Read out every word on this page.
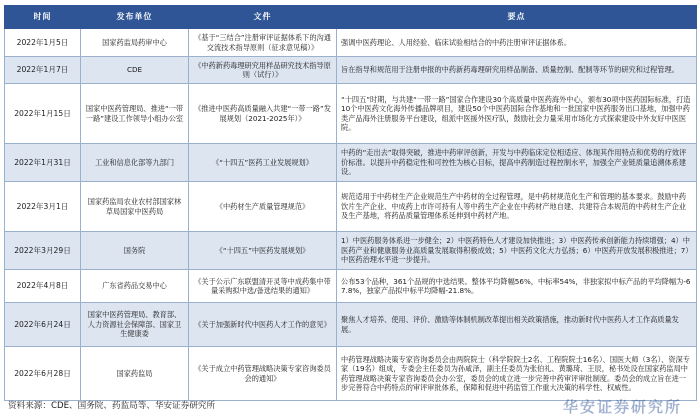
时间	发布单位	文件	要点
2022年1月5日	国家药监局药审中心	《基于“三结合”注册审评证据体系下的沟通交流技术指导原则（征求意见稿）》	强调中医药理论、人用经验、临床试验相结合的中药注册审评证据体系。
2022年1月7日	CDE	《中药新药毒理研究用样品研究技术指导原则（试行）》	旨在指导和规范用于注册申报的中药新药毒理研究用样品制备、质量控制、配制等环节的研究和过程管理。
2022年1月15日	国家中医药管理局、推进“一带一路”建设工作领导小组办公室	《推进中医药高质量融入共建“一带一路”发展规划（2021-2025年）》	“十四五”时期，与共建“一带一路”国家合作建设30个高质量中医药海外中心，颁布30项中医药国际标准，打造10个中医药文化海外传播品牌项目，建设50个中医药国际合作基地和一批国家中医药服务出口基地，加强中药类产品海外注册服务平台建设，组派中医援外医疗队，鼓励社会力量采用市场化方式探索建设中外友好中医医院。
2022年1月31日	工业和信息化部等九部门	《“十四五”医药工业发展规划》	中药的“走出去”取得突破，推进中药审评创新，开发与中药临床定位相适应、体现其作用特点和优势的疗效评价标准。以提升中药稳定性和可控性为核心目标，提高中药制造过程控制水平，加强全产业链质量追溯体系建设。
2022年3月1日	国家药监局农业农村部国家林草局国家中医药局	《中药材生产质量管理规范》	规范适用于中药材生产企业规范生产中药材的全过程管理，是中药材规范化生产和管理的基本要求。鼓励中药饮片生产企业、中成药上市许可持有人等中药生产企业在中药材产地自建、共建符合本规范的中药材生产企业及生产基地，将药品质量管理体系延伸到中药材产地。
2022年3月29日	国务院	《“十四五”中医药发展规划》	1）中医药服务体系进一步健全；2）中医药特色人才建设加快推进；3）中医药传承创新能力持续增强；4）中医药产业和健康服务业高质量发展取得积极成效；5）中医药文化大力弘扬；6）中医药开放发展积极推进；7）中医药治理水平进一步提升。
2022年4月8日	广东省药品交易中心	《关于公示广东联盟清开灵等中成药集中带量采购拟中选/备选结果的通知》	公布53个品种，361个品规的中选结果。整体平均降幅56%，中标率54%，非独家拟中标产品的平均降幅为-67.8%，独家产品拟中标平均降幅-21.8%。
2022年6月24日	国家中医药管理局、教育部、人力资源社会保障部、国家卫生健康委	《关于加强新时代中医药人才工作的意见》	聚焦人才培养、使用、评价、激励等体制机制改革提出相关政策措施，推动新时代中医药人才工作高质量发展。
2022年6月28日	国家药监局	《关于成立中药管理战略决策专家咨询委员会的通知》	中药管理战略决策专家咨询委员会由两院院士（科学院院士2名、工程院院士16名）、国医大师（3名）、资深专家（19名）组成，专委会主任委员为孙咸泽，副主任委员为张伯礼、黄璐琦、王辰，秘书处设在国家药监局中药管理战略决策专家咨询委员会办公室，委员会的成立进一步完善中药审评审批制度。委员会的成立旨在进一步完善符合中药特点的审评审批体系，保障和促进中药监管工作重大决策的科学性、权威性。
资料来源：CDE、国务院、药监局等、华安证券研究所	华安证券研究所
